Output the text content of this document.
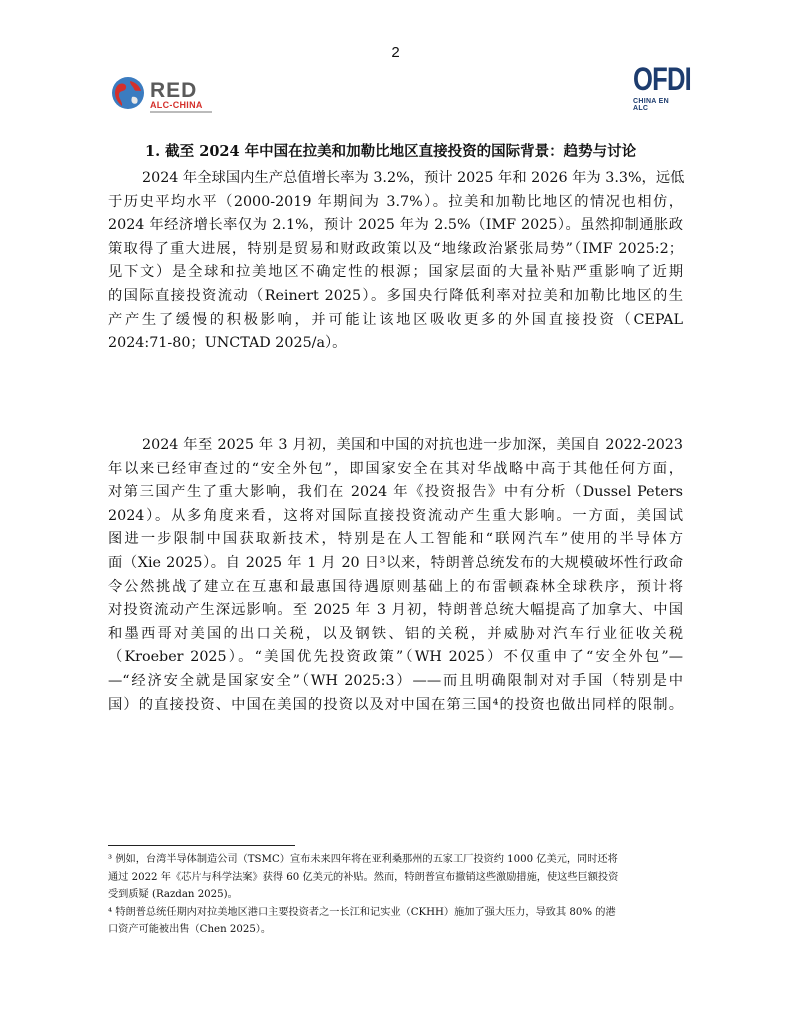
2
RED
ALC-CHINA
OFDI
CHINA EN ALC
1. 截至 2024 年中国在拉美和加勒比地区直接投资的国际背景：趋势与讨论

2024 年全球国内生产总值增长率为 3.2%，预计 2025 年和 2026 年为 3.3%，远低
于历史平均水平（2000-2019 年期间为 3.7%）。拉美和加勒比地区的情况也相仿，
2024 年经济增长率仅为 2.1%，预计 2025 年为 2.5%（IMF 2025）。虽然抑制通胀政
策取得了重大进展，特别是贸易和财政政策以及“地缘政治紧张局势”（IMF 2025:2；
见下文）是全球和拉美地区不确定性的根源；国家层面的大量补贴严重影响了近期
的国际直接投资流动（Reinert 2025）。多国央行降低利率对拉美和加勒比地区的生
产产生了缓慢的积极影响，并可能让该地区吸收更多的外国直接投资（CEPAL
2024:71-80；UNCTAD 2025/a）。

2024 年至 2025 年 3 月初，美国和中国的对抗也进一步加深，美国自 2022-2023
年以来已经审查过的“安全外包”，即国家安全在其对华战略中高于其他任何方面，
对第三国产生了重大影响，我们在 2024 年《投资报告》中有分析（Dussel Peters
2024）。从多角度来看，这将对国际直接投资流动产生重大影响。一方面，美国试
图进一步限制中国获取新技术，特别是在人工智能和“联网汽车”使用的半导体方
面（Xie 2025）。自 2025 年 1 月 20 日³以来，特朗普总统发布的大规模破坏性行政命
令公然挑战了建立在互惠和最惠国待遇原则基础上的布雷顿森林全球秩序，预计将
对投资流动产生深远影响。至 2025 年 3 月初，特朗普总统大幅提高了加拿大、中国
和墨西哥对美国的出口关税，以及钢铁、铝的关税，并威胁对汽车行业征收关税
（Kroeber 2025）。“美国优先投资政策”（WH 2025）不仅重申了“安全外包”—
—“经济安全就是国家安全”（WH 2025:3）——而且明确限制对对手国（特别是中
国）的直接投资、中国在美国的投资以及对中国在第三国⁴的投资也做出同样的限制。

³ 例如，台湾半导体制造公司（TSMC）宣布未来四年将在亚利桑那州的五家工厂投资约 1000 亿美元，同时还将
通过 2022 年《芯片与科学法案》获得 60 亿美元的补贴。然而，特朗普宣布撤销这些激励措施，使这些巨额投资
受到质疑 (Razdan 2025)。
⁴ 特朗普总统任期内对拉美地区港口主要投资者之一长江和记实业（CKHH）施加了强大压力，导致其 80% 的港
口资产可能被出售（Chen 2025）。
